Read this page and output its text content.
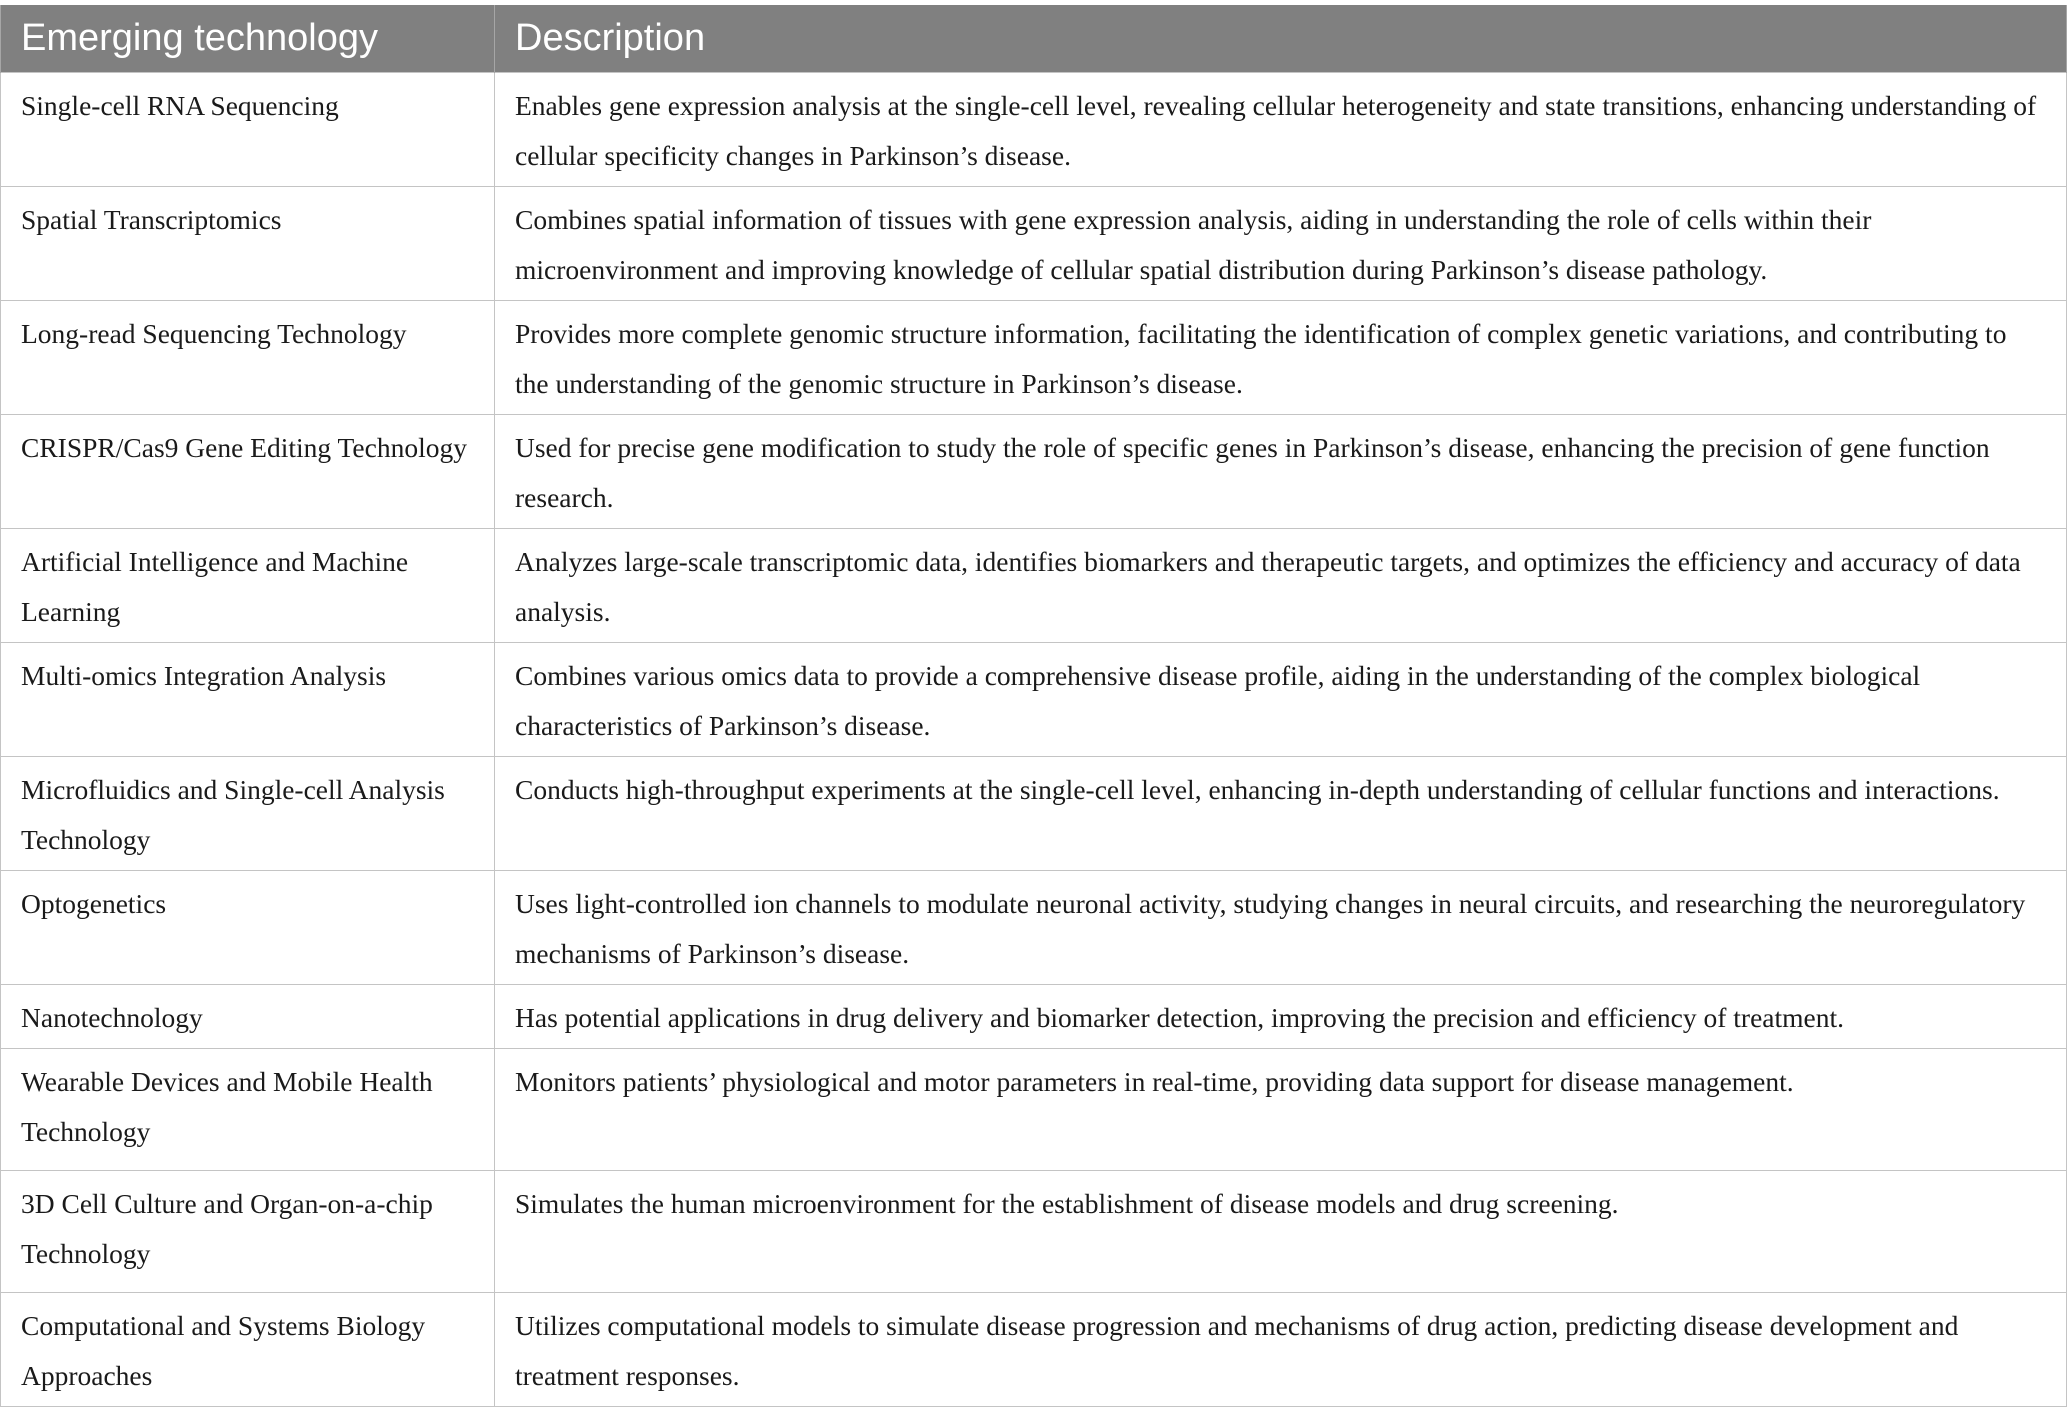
Emerging technology	Description
Single-cell RNA Sequencing	Enables gene expression analysis at the single-cell level, revealing cellular heterogeneity and state transitions, enhancing understanding of cellular specificity changes in Parkinson’s disease.
Spatial Transcriptomics	Combines spatial information of tissues with gene expression analysis, aiding in understanding the role of cells within their microenvironment and improving knowledge of cellular spatial distribution during Parkinson’s disease pathology.
Long-read Sequencing Technology	Provides more complete genomic structure information, facilitating the identification of complex genetic variations, and contributing to the understanding of the genomic structure in Parkinson’s disease.
CRISPR/Cas9 Gene Editing Technology	Used for precise gene modification to study the role of specific genes in Parkinson’s disease, enhancing the precision of gene function research.
Artificial Intelligence and Machine Learning	Analyzes large-scale transcriptomic data, identifies biomarkers and therapeutic targets, and optimizes the efficiency and accuracy of data analysis.
Multi-omics Integration Analysis	Combines various omics data to provide a comprehensive disease profile, aiding in the understanding of the complex biological characteristics of Parkinson’s disease.
Microfluidics and Single-cell Analysis Technology	Conducts high-throughput experiments at the single-cell level, enhancing in-depth understanding of cellular functions and interactions.
Optogenetics	Uses light-controlled ion channels to modulate neuronal activity, studying changes in neural circuits, and researching the neuroregulatory mechanisms of Parkinson’s disease.
Nanotechnology	Has potential applications in drug delivery and biomarker detection, improving the precision and efficiency of treatment.
Wearable Devices and Mobile Health Technology	Monitors patients’ physiological and motor parameters in real-time, providing data support for disease management.
3D Cell Culture and Organ-on-a-chip Technology	Simulates the human microenvironment for the establishment of disease models and drug screening.
Computational and Systems Biology Approaches	Utilizes computational models to simulate disease progression and mechanisms of drug action, predicting disease development and treatment responses.
